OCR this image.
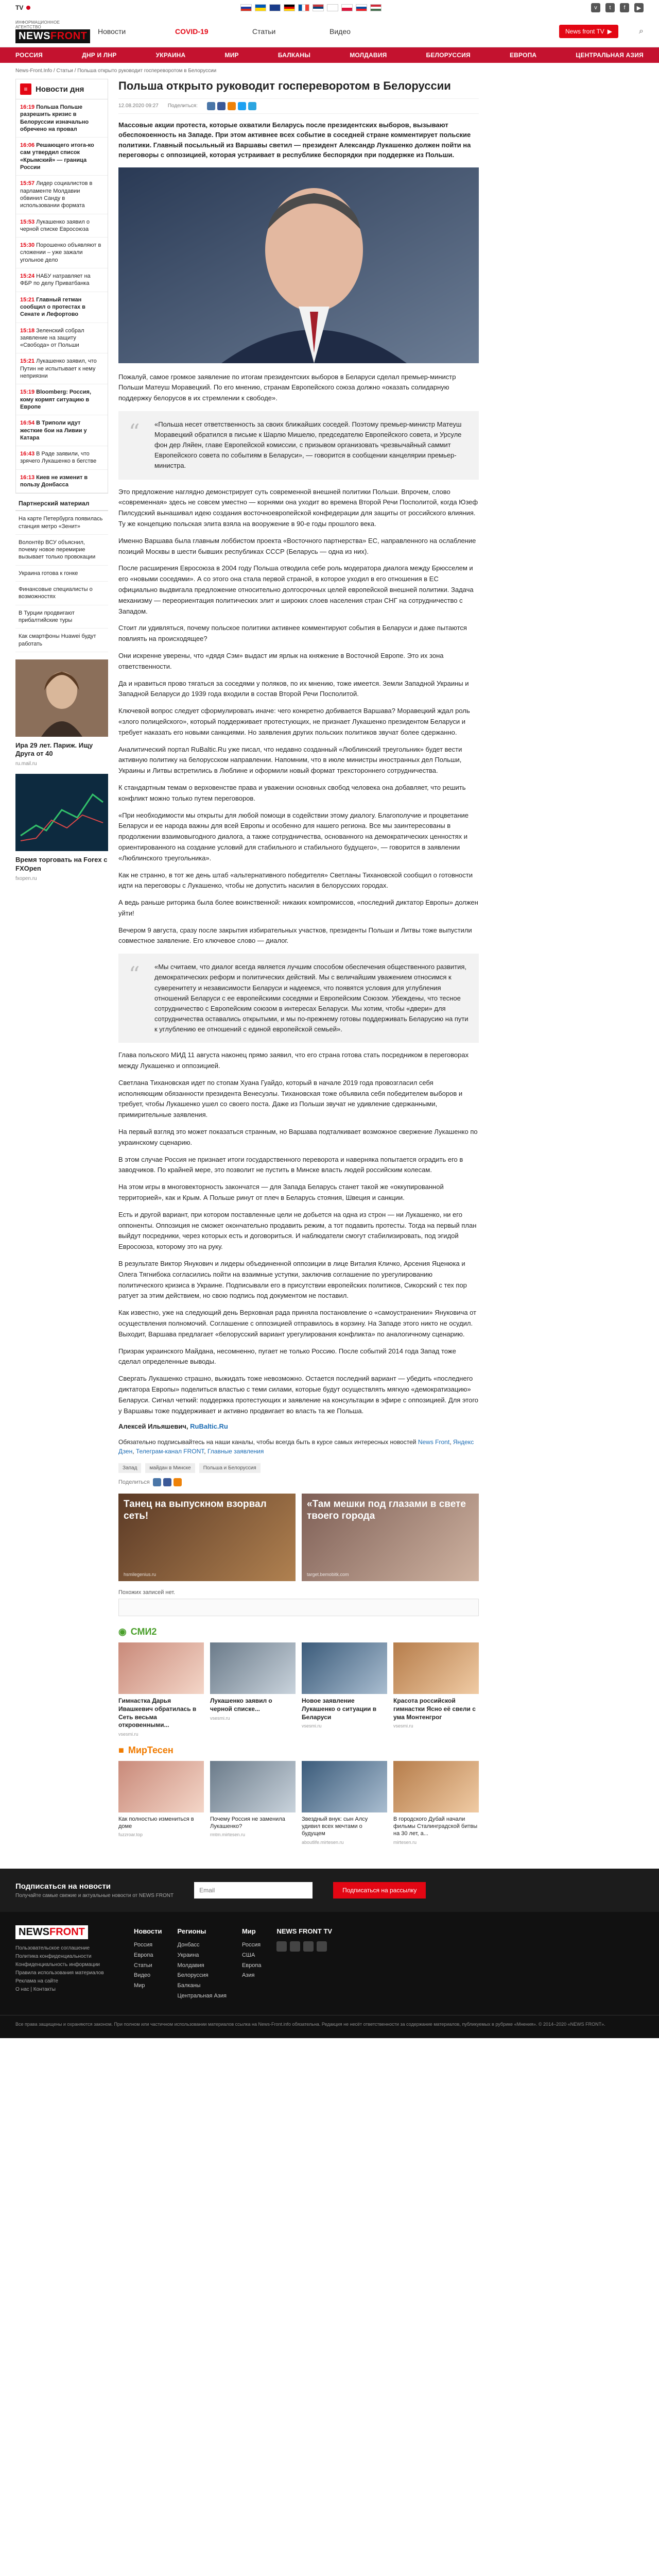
TV	v	t	f	▶
ИНФОРМАЦИОННОЕ АГЕНТСТВО
NEWSFRONT Новости	COVID-19	Статьи	Видео	News front TV ▶	⌕
РОССИЯ	ДНР И ЛНР	УКРАИНА	МИР	БАЛКАНЫ	МОЛДАВИЯ	БЕЛОРУССИЯ	ЕВРОПА	ЦЕНТРАЛЬНАЯ АЗИЯ
News-Front.Info / Статьи / Польша открыто руководит госпереворотом в Белоруссии
≡	Новости дня
16:19 Польша Польше разрешить кризис в Белоруссии изначально обречено на провал
16:06 Решающего итога-ко сам утвердил список «Крымский» — граница России
15:57 Лидер социалистов в парламенте Молдавии обвинил Санду в использовании формата
15:53 Лукашенко заявил о черной списке Евросоюза
15:30 Порошенко объявляют в сложении – уже зажали угольное дело
15:24 НАБУ натравляет на ФБР по делу Приватбанка
15:21 Главный гетман сообщил о протестах в Сенате и Лефортово
15:18 Зеленский собрал заявление на защиту «Свобода» от Польши
15:21 Лукашенко заявил, что Путин не испытывает к нему неприязни
15:19 Bloomberg: Россия, кому кормят ситуацию в Европе
16:54 В Триполи идут жесткие бои на Ливии у Катара
16:43 В Раде заявили, что зрячего Лукашенко в бегстве
16:13 Киев не изменит в пользу Донбасса
Партнерский материал
На карте Петербурга появилась станция метро «Зенит»
Волонтёр ВСУ объяснил, почему новое перемирие вызывает только провокации
Украина готова к гонке
Финансовые специалисты о возможностях
В Турции продвигают прибалтийские туры
Как смартфоны Huawei будут работать
Ира 29 лет. Париж. Ищу Друга от 40
ru.mail.ru
Время торговать на Forex с FXOpen
fxopen.ru
Польша открыто руководит госпереворотом в Белоруссии
12.08.2020 09:27 Поделиться:

Массовые акции протеста, которые охватили Беларусь после президентских выборов, вызывают обеспокоенность на Западе. При этом активнее всех событие в соседней стране комментирует польские политики. Главный посыльный из Варшавы светил — президент Александр Лукашенко должен пойти на переговоры с оппозицией, которая устраивает в республике беспорядки при поддержке из Польши.

Пожалуй, самое громкое заявление по итогам президентских выборов в Беларуси сделал премьер-министр Польши Матеуш Моравецкий. По его мнению, странам Европейского союза должно «оказать солидарную поддержку белорусов в их стремлении к свободе».

“ «Польша несет ответственность за своих ближайших соседей. Поэтому премьер-министр Матеуш Моравецкий обратился в письме к Шарлю Мишелю, председателю Европейского совета, и Урсуле фон дер Ляйен, главе Европейской комиссии, с призывом организовать чрезвычайный саммит Европейского совета по событиям в Беларуси», — говорится в сообщении канцелярии премьер-министра.

Это предложение наглядно демонстрирует суть современной внешней политики Польши. Впрочем, слово «современная» здесь не совсем уместно — корнями она уходит во времена Второй Речи Посполитой, когда Юзеф Пилсудский вынашивал идею создания восточноевропейской конфедерации для защиты от российского влияния. Ту же концепцию польская элита взяла на вооружение в 90-е годы прошлого века.

Именно Варшава была главным лоббистом проекта «Восточного партнерства» ЕС, направленного на ослабление позиций Москвы в шести бывших республиках СССР (Беларусь — одна из них).

После расширения Евросоюза в 2004 году Польша отводила себе роль модератора диалога между Брюсселем и его «новыми соседями». А со этого она стала первой страной, в которое уходил в его отношения в ЕС официально выдвигала предложение относительно долгосрочных целей европейской внешней политики. Задача механизму — переориентация политических элит и широких слоев населения стран СНГ на сотрудничество с Западом.

Стоит ли удивляться, почему польское политики активнее комментируют события в Беларуси и даже пытаются повлиять на происходящее?

Они искренне уверены, что «дядя Сэм» выдаст им ярлык на княжение в Восточной Европе. Это их зона ответственности.

Да и нравиться прово тягаться за соседями у поляков, по их мнению, тоже имеется. Земли Западной Украины и Западной Беларуси до 1939 года входили в состав Второй Речи Посполитой.

Ключевой вопрос следует сформулировать иначе: чего конкретно добивается Варшава? Моравецкий ждал роль «злого полицейского», который поддерживает протестующих, не признает Лукашенко президентом Беларуси и требует наказать его новыми санкциями. Но заявления других польских политиков звучат более сдержанно.

Аналитический портал RuBaltic.Ru уже писал, что недавно созданный «Люблинский треугольник» будет вести активную политику на белорусском направлении. Напомним, что в июле министры иностранных дел Польши, Украины и Литвы встретились в Люблине и оформили новый формат трехстороннего сотрудничества.

К стандартным темам о верховенстве права и уважении основных свобод человека она добавляет, что решить конфликт можно только путем переговоров.

«При необходимости мы открыты для любой помощи в содействии этому диалогу. Благополучие и процветание Беларуси и ее народа важны для всей Европы и особенно для нашего региона. Все мы заинтересованы в продолжении взаимовыгодного диалога, а также сотрудничества, основанного на демократических ценностях и ориентированного на создание условий для стабильного и стабильного будущего», — говорится в заявлении «Люблинского треугольника».

Как не странно, в тот же день штаб «альтернативного победителя» Светланы Тихановской сообщил о готовности идти на переговоры с Лукашенко, чтобы не допустить насилия в белорусских городах.

А ведь раньше риторика была более воинственной: никаких компромиссов, «последний диктатор Европы» должен уйти!

Вечером 9 августа, сразу после закрытия избирательных участков, президенты Польши и Литвы тоже выпустили совместное заявление. Его ключевое слово — диалог.

“ «Мы считаем, что диалог всегда является лучшим способом обеспечения общественного развития, демократических реформ и политических действий. Мы с величайшим уважением относимся к суверенитету и независимости Беларуси и надеемся, что появятся условия для углубления отношений Беларуси с ее европейскими соседями и Европейским Союзом. Убеждены, что тесное сотрудничество с Европейским союзом в интересах Беларуси. Мы хотим, чтобы «двери» для сотрудничества оставались открытыми, и мы по-прежнему готовы поддерживать Беларусию на пути к углублению ее отношений с единой европейской семьей».

Глава польского МИД 11 августа наконец прямо заявил, что его страна готова стать посредником в переговорах между Лукашенко и оппозицией.

Светлана Тихановская идет по стопам Хуана Гуайдо, который в начале 2019 года провозгласил себя исполняющим обязанности президента Венесуэлы. Тихановская тоже объявила себя победителем выборов и требует, чтобы Лукашенко ушел со своего поста. Даже из Польши звучат не удивление сдержанными, примирительные заявления.

На первый взгляд это может показаться странным, но Варшава подталкивает возможное свержение Лукашенко по украинскому сценарию.

В этом случае Россия не признает итоги государственного переворота и наверняка попытается оградить его в заводчиков. По крайней мере, это позволит не пустить в Минске власть людей российским колесам.

На этом игры в многовекторность закончатся — для Запада Беларусь станет такой же «оккупированной территорией», как и Крым. А Польше ринут от плеч в Беларусь стояния, Швеция и санкции.

Есть и другой вариант, при котором поставленные цели не добьется на одна из строн — ни Лукашенко, ни его оппоненты. Оппозиция не сможет окончательно продавить режим, а тот подавить протесты. Тогда на первый план выйдут посредники, через которых есть и договориться. И наблюдатели смогут стабилизировать, под эгидой Евросоюза, которому это на руку.

В результате Виктор Янукович и лидеры объединенной оппозиции в лице Виталия Кличко, Арсения Яценюка и Олега Тягнибока согласились пойти на взаимные уступки, заключив соглашение по урегулированию политического кризиса в Украине. Подписывали его в присутствии европейских политиков, Сикорский с тех пор ратует за этим действием, но свою подпись под документом не поставил.

Как известно, уже на следующий день Верховная рада приняла постановление о «самоустранении» Януковича от осуществления полномочий. Соглашение с оппозицией отправилось в корзину. На Западе этого никто не осудил. Выходит, Варшава предлагает «белорусский вариант урегулирования конфликта» по аналогичному сценарию.

Призрак украинского Майдана, несомненно, пугает не только Россию. После событий 2014 года Запад тоже сделал определенные выводы.

Свергать Лукашенко страшно, выжидать тоже невозможно. Остается последний вариант — убедить «последнего диктатора Европы» поделиться властью с теми силами, которые будут осуществлять мягкую «демократизацию» Беларуси. Сигнал четкий: поддержка протестующих и заявление на консультации в эфире с оппозицией. Для этого у Варшавы тоже поддерживает и активно продвигает во власть та же Польша.

Алексей Ильяшевич, RuBaltic.Ru
Обязательно подписывайтесь на наши каналы, чтобы всегда быть в курсе самых интересных новостей News Front, Яндекс Дзен, Телеграм-канал FRONT, Главные заявления
Запад	майдан в Минске	Польша и Белоруссия
Поделиться
Танец на выпускном взорвал сеть!
hsmilegenius.ru
«Там мешки под глазами в свете твоего города
target.bemobitk.com
Похожих записей нет.
◉ СМИ2
Гимнастка Дарья Ивашкевич обратилась в Сеть весьма откровенными...
vsesmi.ru
Лукашенко заявил о черной списке...
vsesmi.ru
Новое заявление Лукашенко о ситуации в Беларуси
vsesmi.ru
Красота российской гимнастки Ясно её свели с ума Монтенгрог
vsesmi.ru
■ МирТесен
Как полностью измениться в доме
fuzzroar.top
Почему Россия не заменила Лукашенко?
rmtm.mirtesen.ru
Звездный внук: сын Алсу удивил всех мечтами о будущем
aboutlife.mirtesen.ru
В городского Дубай начали фильмы Сталинградской битвы на 30 лет, а...
mirtesen.ru
Подписаться на новости
Получайте самые свежие и актуальные новости от NEWS FRONT
Email
Подписаться на рассылку
NEWSFRONT
Пользовательское соглашение
Политика конфиденциальности
Конфиденциальность информации
Правила использования материалов
Реклама на сайте
О нас | Контакты
Новости
Россия
Европа
Статьи
Видео
Мир
Регионы
Донбасс
Украина
Молдавия
Белоруссия
Балканы
Центральная Азия
Мир
Россия
США
Европа
Азия
NEWS FRONT TV
Все права защищены и охраняются законом. При полном или частичном использовании материалов ссылка на News-Front.info обязательна. Редакция не несёт ответственности за содержание материалов, публикуемых в рубрике «Мнения». © 2014–2020 «NEWS FRONT».
